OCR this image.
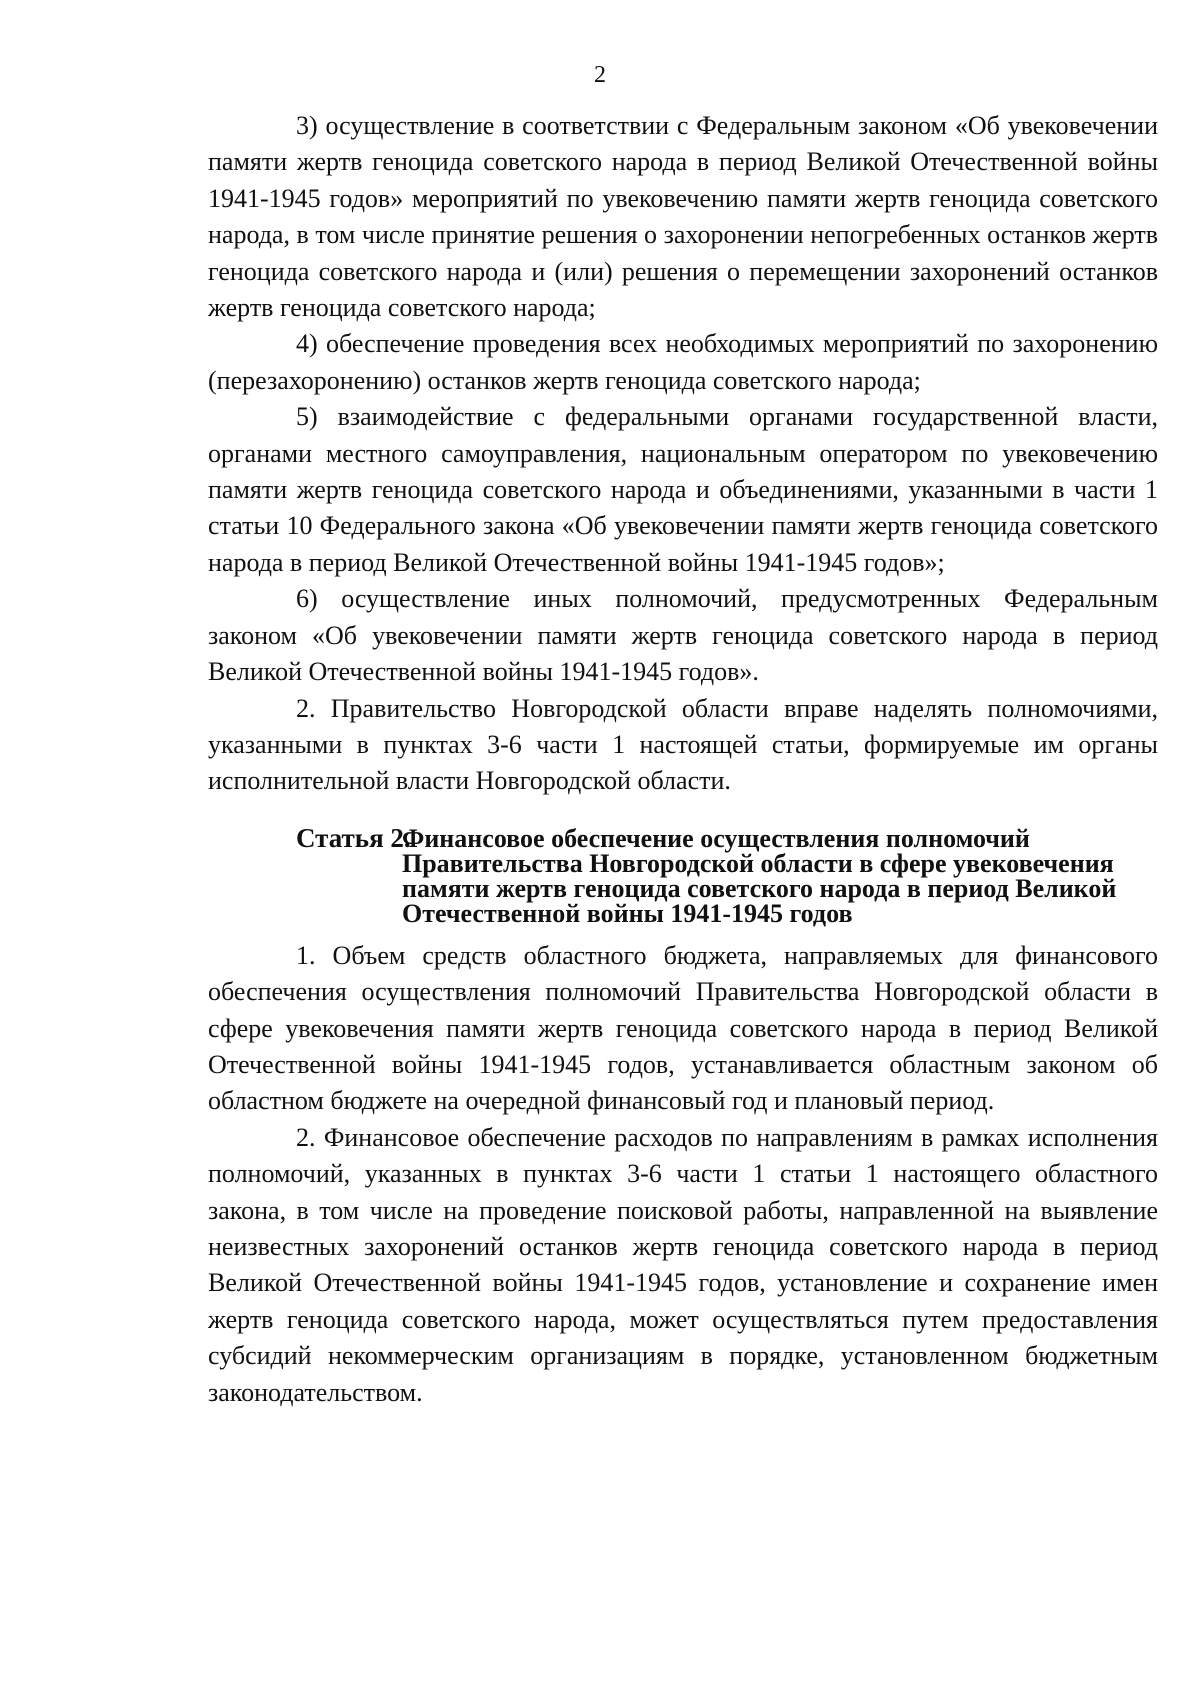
2

3) осуществление в соответствии с Федеральным законом «Об увековечении памяти жертв геноцида советского народа в период Великой Отечественной войны 1941-1945 годов» мероприятий по увековечению памяти жертв геноцида советского народа, в том числе принятие решения о захоронении непогребенных останков жертв геноцида советского народа и (или) решения о перемещении захоронений останков жертв геноцида советского народа;

4) обеспечение проведения всех необходимых мероприятий по захоронению (перезахоронению) останков жертв геноцида советского народа;

5) взаимодействие с федеральными органами государственной власти, органами местного самоуправления, национальным оператором по увековечению памяти жертв геноцида советского народа и объединениями, указанными в части 1 статьи 10 Федерального закона «Об увековечении памяти жертв геноцида советского народа в период Великой Отечественной войны 1941-1945 годов»;

6) осуществление иных полномочий, предусмотренных Федеральным законом «Об увековечении памяти жертв геноцида советского народа в период Великой Отечественной войны 1941-1945 годов».

2. Правительство Новгородской области вправе наделять полномочиями, указанными в пунктах 3-6 части 1 настоящей статьи, формируемые им органы исполнительной власти Новгородской области.

Статья 2.
Финансовое обеспечение осуществления полномочий Правительства Новгородской области в сфере увековечения памяти жертв геноцида советского народа в период Великой Отечественной войны 1941-1945 годов

1. Объем средств областного бюджета, направляемых для финансового обеспечения осуществления полномочий Правительства Новгородской области в сфере увековечения памяти жертв геноцида советского народа в период Великой Отечественной войны 1941-1945 годов, устанавливается областным законом об областном бюджете на очередной финансовый год и плановый период.

2. Финансовое обеспечение расходов по направлениям в рамках исполнения полномочий, указанных в пунктах 3-6 части 1 статьи 1 настоящего областного закона, в том числе на проведение поисковой работы, направленной на выявление неизвестных захоронений останков жертв геноцида советского народа в период Великой Отечественной войны 1941-1945 годов, установление и сохранение имен жертв геноцида советского народа, может осуществляться путем предоставления субсидий некоммерческим организациям в порядке, установленном бюджетным законодательством.
